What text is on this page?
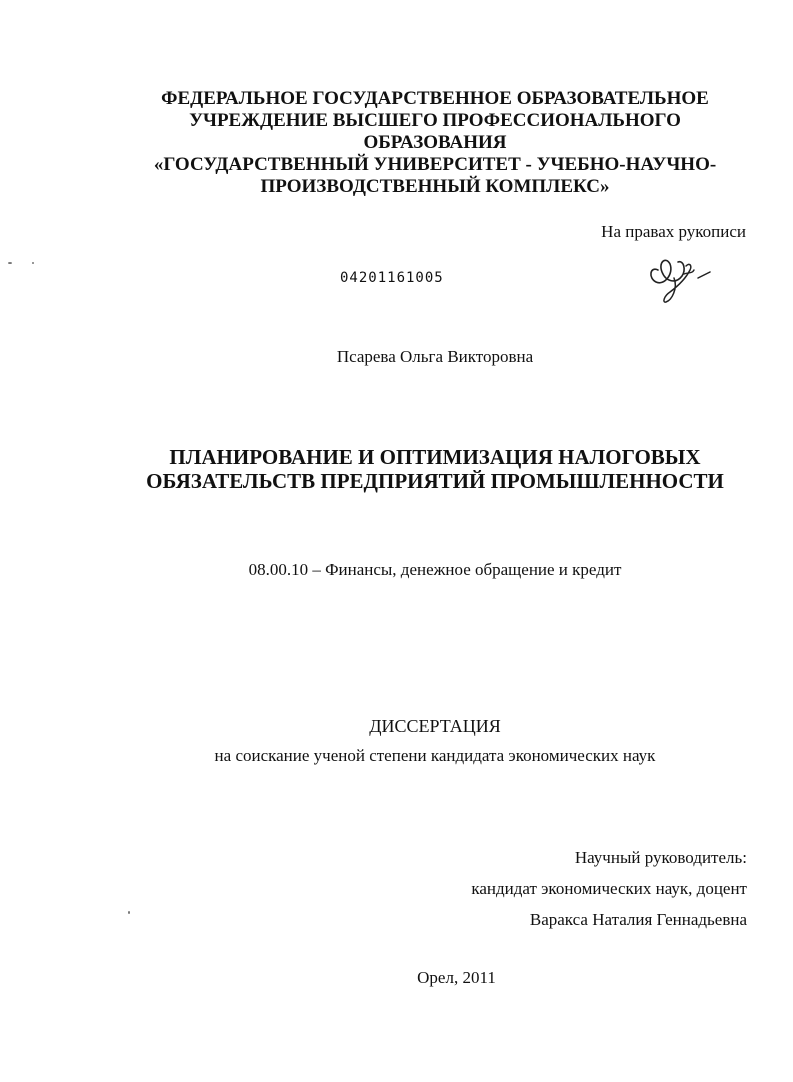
ФЕДЕРАЛЬНОЕ ГОСУДАРСТВЕННОЕ ОБРАЗОВАТЕЛЬНОЕ
УЧРЕЖДЕНИЕ ВЫСШЕГО ПРОФЕССИОНАЛЬНОГО
ОБРАЗОВАНИЯ
«ГОСУДАРСТВЕННЫЙ УНИВЕРСИТЕТ - УЧЕБНО-НАУЧНО-
ПРОИЗВОДСТВЕННЫЙ КОМПЛЕКС»
На правах рукописи
04201161005
Псарева Ольга Викторовна
ПЛАНИРОВАНИЕ И ОПТИМИЗАЦИЯ НАЛОГОВЫХ
ОБЯЗАТЕЛЬСТВ ПРЕДПРИЯТИЙ ПРОМЫШЛЕННОСТИ
08.00.10 – Финансы, денежное обращение и кредит
ДИССЕРТАЦИЯ
на соискание ученой степени кандидата экономических наук
Научный руководитель:
кандидат экономических наук, доцент
Варакса Наталия Геннадьевна
Орел, 2011
